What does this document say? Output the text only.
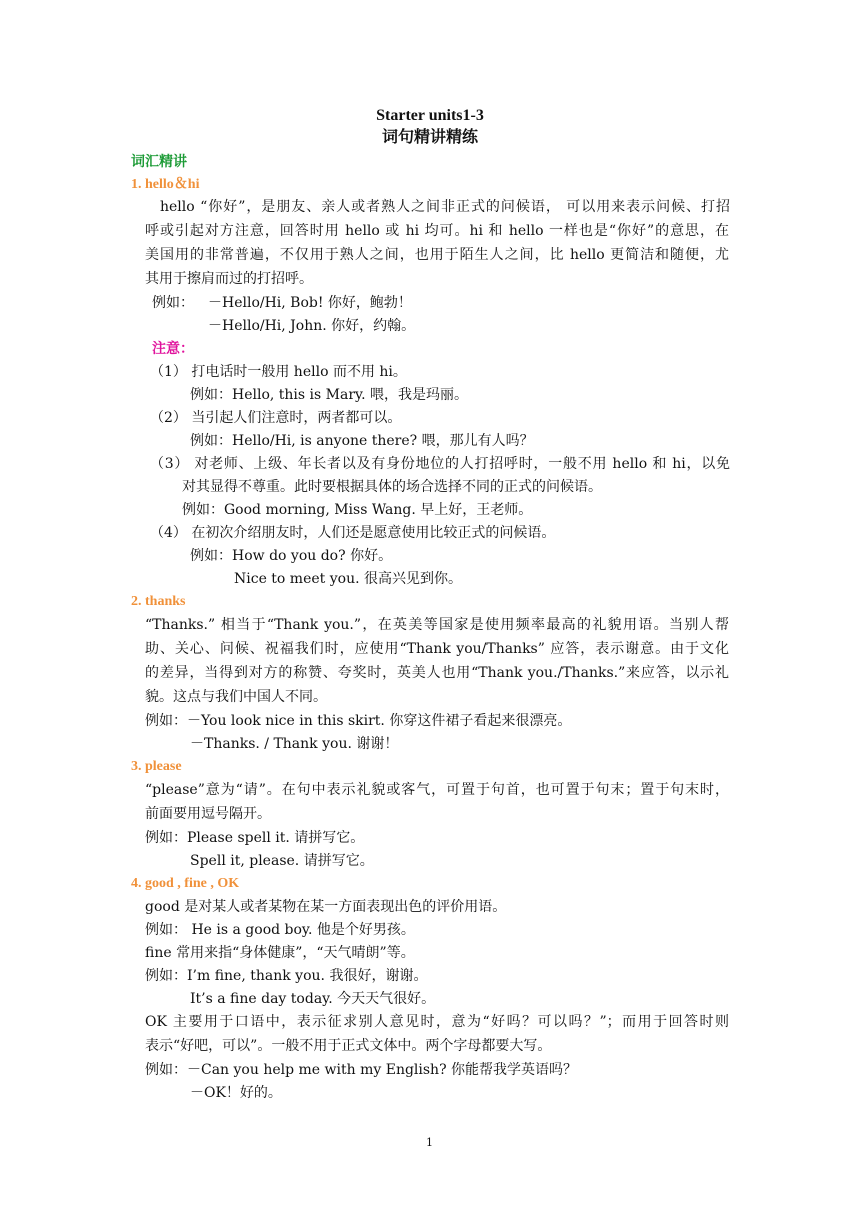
Starter units1-3
词句精讲精练
词汇精讲
1. hello＆hi
hello “你好”，是朋友、亲人或者熟人之间非正式的问候语， 可以用来表示问候、打招
呼或引起对方注意，回答时用 hello 或 hi 均可。hi 和 hello 一样也是“你好”的意思，在
美国用的非常普遍，不仅用于熟人之间，也用于陌生人之间，比 hello 更简洁和随便，尤
其用于擦肩而过的打招呼。
例如： －Hello/Hi, Bob! 你好，鲍勃！
－Hello/Hi, John. 你好，约翰。
注意：
（1） 打电话时一般用 hello 而不用 hi。
例如：Hello, this is Mary. 喂，我是玛丽。
（2） 当引起人们注意时，两者都可以。
例如：Hello/Hi, is anyone there? 喂，那儿有人吗？
（3） 对老师、上级、年长者以及有身份地位的人打招呼时，一般不用 hello 和 hi，以免
对其显得不尊重。此时要根据具体的场合选择不同的正式的问候语。
例如：Good morning, Miss Wang. 早上好，王老师。
（4） 在初次介绍朋友时，人们还是愿意使用比较正式的问候语。
例如：How do you do? 你好。
Nice to meet you. 很高兴见到你。
2. thanks
“Thanks.” 相当于“Thank you.”，在英美等国家是使用频率最高的礼貌用语。当别人帮
助、关心、问候、祝福我们时，应使用“Thank you/Thanks” 应答，表示谢意。由于文化
的差异，当得到对方的称赞、夸奖时，英美人也用“Thank you./Thanks.”来应答，以示礼
貌。这点与我们中国人不同。
例如：－You look nice in this skirt. 你穿这件裙子看起来很漂亮。
－Thanks. / Thank you. 谢谢！
3. please
“please”意为“请”。在句中表示礼貌或客气，可置于句首，也可置于句末；置于句末时，
前面要用逗号隔开。
例如：Please spell it. 请拼写它。
Spell it, please. 请拼写它。
4. good , fine , OK
good 是对某人或者某物在某一方面表现出色的评价用语。
例如： He is a good boy. 他是个好男孩。
fine 常用来指“身体健康”，“天气晴朗”等。
例如：I’m fine, thank you. 我很好，谢谢。
It’s a fine day today. 今天天气很好。
OK 主要用于口语中，表示征求别人意见时，意为“好吗？可以吗？”；而用于回答时则
表示“好吧，可以”。一般不用于正式文体中。两个字母都要大写。
例如：－Can you help me with my English? 你能帮我学英语吗？
－OK！好的。
1
